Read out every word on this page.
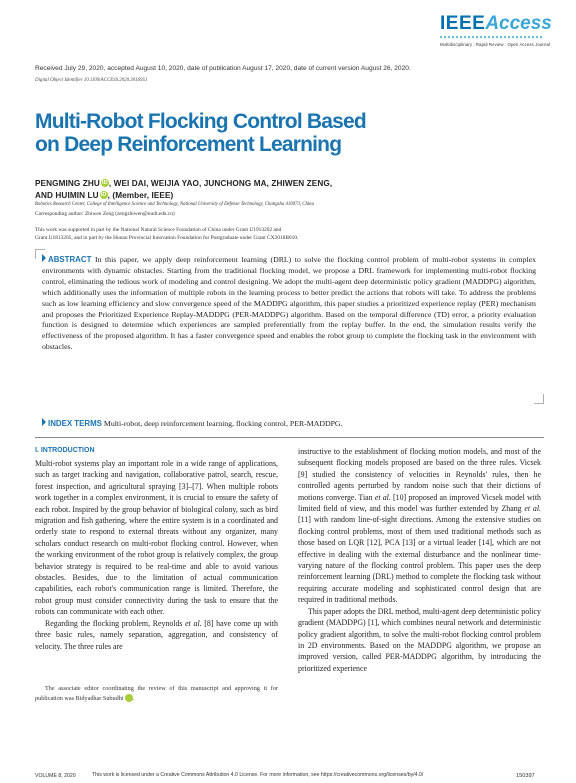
IEEEAccess
Multidisciplinary : Rapid Review : Open Access Journal
Received July 29, 2020, accepted August 10, 2020, date of publication August 17, 2020, date of current version August 26, 2020.
Digital Object Identifier 10.1109/ACCESS.2020.3016951
Multi-Robot Flocking Control Based
on Deep Reinforcement Learning
PENGMING ZHU iD, WEI DAI, WEIJIA YAO, JUNCHONG MA, ZHIWEN ZENG,
AND HUIMIN LU iD, (Member, IEEE)
Robotics Research Center, College of Intelligence Science and Technology, National University of Defense Technology, Changsha 410073, China
Corresponding author: Zhiwen Zeng (zengzhiwen@nudt.edu.cn)
This work was supported in part by the National Natural Science Foundation of China under Grant U1913202 and
Grant U1813205, and in part by the Hunan Provincial Innovation Foundation for Postgraduate under Grant CX2018B010.
ABSTRACT In this paper, we apply deep reinforcement learning (DRL) to solve the flocking control problem of multi-robot systems in complex environments with dynamic obstacles. Starting from the traditional flocking model, we propose a DRL framework for implementing multi-robot flocking control, eliminating the tedious work of modeling and control designing. We adopt the multi-agent deep deterministic policy gradient (MADDPG) algorithm, which additionally uses the information of multiple robots in the learning process to better predict the actions that robots will take. To address the problems such as low learning efficiency and slow convergence speed of the MADDPG algorithm, this paper studies a prioritized experience replay (PER) mechanism and proposes the Prioritized Experience Replay-MADDPG (PER-MADDPG) algorithm. Based on the temporal difference (TD) error, a priority evaluation function is designed to determine which experiences are sampled preferentially from the replay buffer. In the end, the simulation results verify the effectiveness of the proposed algorithm. It has a faster convergence speed and enables the robot group to complete the flocking task in the environment with obstacles.
INDEX TERMS Multi-robot, deep reinforcement learning, flocking control, PER-MADDPG.
I. INTRODUCTION

Multi-robot systems play an important role in a wide range of applications, such as target tracking and navigation, collaborative patrol, search, rescue, forest inspection, and agricultural spraying [3]–[7]. When multiple robots work together in a complex environment, it is crucial to ensure the safety of each robot. Inspired by the group behavior of biological colony, such as bird migration and fish gathering, where the entire system is in a coordinated and orderly state to respond to external threats without any organizer, many scholars conduct research on multi-robot flocking control. However, when the working environment of the robot group is relatively complex, the group behavior strategy is required to be real-time and able to avoid various obstacles. Besides, due to the limitation of actual communication capabilities, each robot's communication range is limited. Therefore, the robot group must consider connectivity during the task to ensure that the robots can communicate with each other.

Regarding the flocking problem, Reynolds et al. [8] have come up with three basic rules, namely separation, aggregation, and consistency of velocity. The three rules are

The associate editor coordinating the review of this manuscript and approving it for publication was Bidyadhar Subudhi iD.

instructive to the establishment of flocking motion models, and most of the subsequent flocking models proposed are based on the three rules. Vicsek [9] studied the consistency of velocities in Reynolds' rules, then he controlled agents perturbed by random noise such that their dictions of motions converge. Tian et al. [10] proposed an improved Vicsek model with limited field of view, and this model was further extended by Zhang et al. [11] with random line-of-sight directions. Among the extensive studies on flocking control problems, most of them used traditional methods such as those based on LQR [12], PCA [13] or a virtual leader [14], which are not effective in dealing with the external disturbance and the nonlinear time-varying nature of the flocking control problem. This paper uses the deep reinforcement learning (DRL) method to complete the flocking task without requiring accurate modeling and sophisticated control design that are required in traditional methods.

This paper adopts the DRL method, multi-agent deep deterministic policy gradient (MADDPG) [1], which combines neural network and deterministic policy gradient algorithm, to solve the multi-robot flocking control problem in 2D environments. Based on the MADDPG algorithm, we propose an improved version, called PER-MADDPG algorithm, by introducing the prioritized experience

VOLUME 8, 2020	This work is licensed under a Creative Commons Attribution 4.0 License. For more information, see https://creativecommons.org/licenses/by/4.0/	150397
